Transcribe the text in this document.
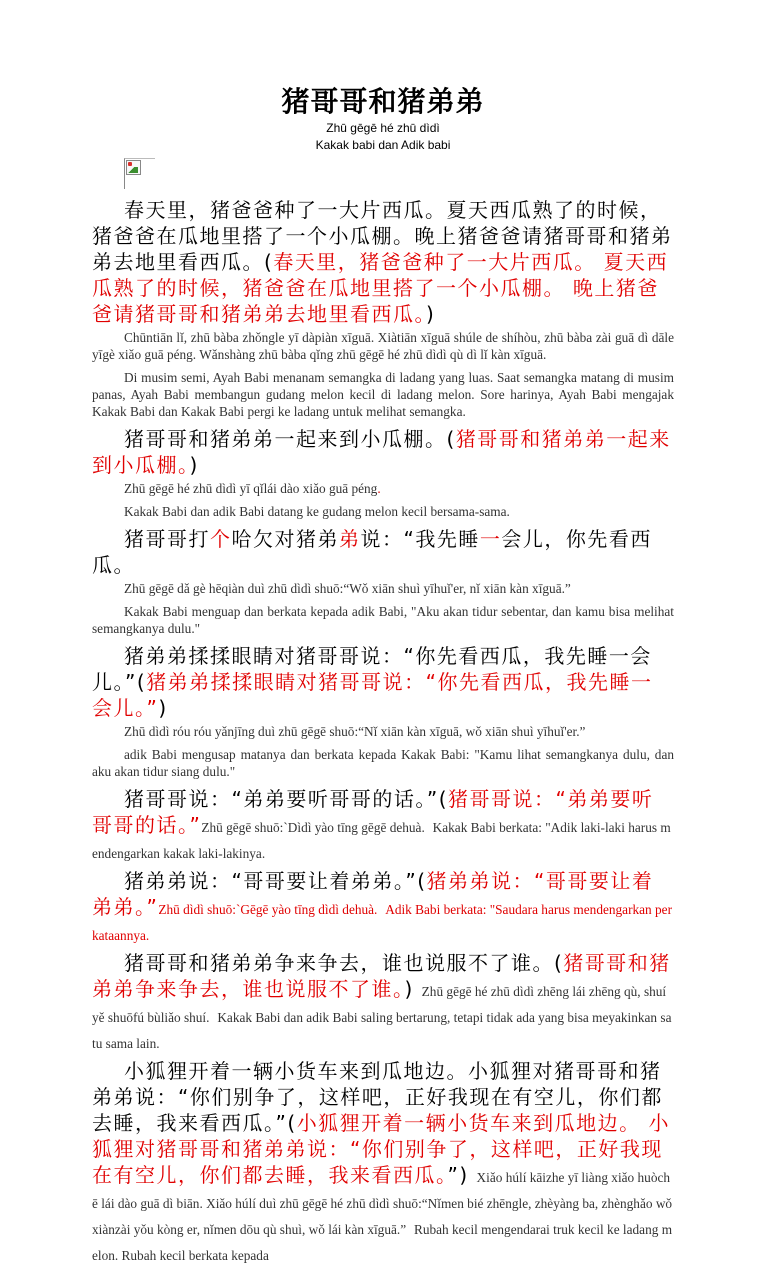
猪哥哥和猪弟弟

Zhū gēgē hé zhū dìdì

Kakak babi dan Adik babi

春天里，猪爸爸种了一大片西瓜。夏天西瓜熟了的时候，猪爸爸在瓜地里搭了一个小瓜棚。晚上猪爸爸请猪哥哥和猪弟弟去地里看西瓜。(春天里，猪爸爸种了一大片西瓜。 夏天西瓜熟了的时候，猪爸爸在瓜地里搭了一个小瓜棚。 晚上猪爸爸请猪哥哥和猪弟弟去地里看西瓜。)

Chūntiān lǐ, zhū bàba zhǒngle yī dàpiàn xīguā. Xiàtiān xīguā shúle de shíhòu, zhū bàba zài guā dì dāle yīgè xiǎo guā péng. Wǎnshàng zhū bàba qǐng zhū gēgē hé zhū dìdì qù dì lǐ kàn xīguā.

Di musim semi, Ayah Babi menanam semangka di ladang yang luas. Saat semangka matang di musim panas, Ayah Babi membangun gudang melon kecil di ladang melon. Sore harinya, Ayah Babi mengajak Kakak Babi dan Kakak Babi pergi ke ladang untuk melihat semangka.

猪哥哥和猪弟弟一起来到小瓜棚。(猪哥哥和猪弟弟一起来到小瓜棚。)

Zhū gēgē hé zhū dìdì yī qǐlái dào xiǎo guā péng.

Kakak Babi dan adik Babi datang ke gudang melon kecil bersama-sama.

猪哥哥打个哈欠对猪弟弟说：“我先睡一会儿，你先看西瓜。

Zhū gēgē dǎ gè hēqiàn duì zhū dìdì shuō:“Wǒ xiān shuì yīhuǐ'er, nǐ xiān kàn xīguā.”

Kakak Babi menguap dan berkata kepada adik Babi, "Aku akan tidur sebentar, dan kamu bisa melihat semangkanya dulu."

猪弟弟揉揉眼睛对猪哥哥说：“你先看西瓜，我先睡一会儿。”(猪弟弟揉揉眼睛对猪哥哥说：“你先看西瓜，我先睡一会儿。”)

Zhū dìdì róu róu yǎnjīng duì zhū gēgē shuō:“Nǐ xiān kàn xīguā, wǒ xiān shuì yīhuǐ'er.”

adik Babi mengusap matanya dan berkata kepada Kakak Babi: "Kamu lihat semangkanya dulu, dan aku akan tidur siang dulu."

猪哥哥说：“弟弟要听哥哥的话。”(猪哥哥说：“弟弟要听哥哥的话。”Zhū gēgē shuō:`Dìdì yào tīng gēgē dehuà. Kakak Babi berkata: "Adik laki-laki harus mendengarkan kakak laki-lakinya.

猪弟弟说：“哥哥要让着弟弟。”(猪弟弟说：“哥哥要让着弟弟。”Zhū dìdì shuō:`Gēgē yào tīng dìdì dehuà. Adik Babi berkata: "Saudara harus mendengarkan perkataannya.

猪哥哥和猪弟弟争来争去，谁也说服不了谁。(猪哥哥和猪弟弟争来争去，谁也说服不了谁。) Zhū gēgē hé zhū dìdì zhēng lái zhēng qù, shuí yě shuōfú bùliǎo shuí. Kakak Babi dan adik Babi saling bertarung, tetapi tidak ada yang bisa meyakinkan satu sama lain.

小狐狸开着一辆小货车来到瓜地边。小狐狸对猪哥哥和猪弟弟说：“你们别争了，这样吧，正好我现在有空儿，你们都去睡，我来看西瓜。”(小狐狸开着一辆小货车来到瓜地边。 小狐狸对猪哥哥和猪弟弟说：“你们别争了，这样吧，正好我现在有空儿，你们都去睡，我来看西瓜。”) Xiǎo húlí kāizhe yī liàng xiǎo huòchē lái dào guā dì biān. Xiǎo húlí duì zhū gēgē hé zhū dìdì shuō:“Nǐmen bié zhēngle, zhèyàng ba, zhènghǎo wǒ xiànzài yǒu kòng er, nǐmen dōu qù shuì, wǒ lái kàn xīguā.” Rubah kecil mengendarai truk kecil ke ladang melon. Rubah kecil berkata kepada
